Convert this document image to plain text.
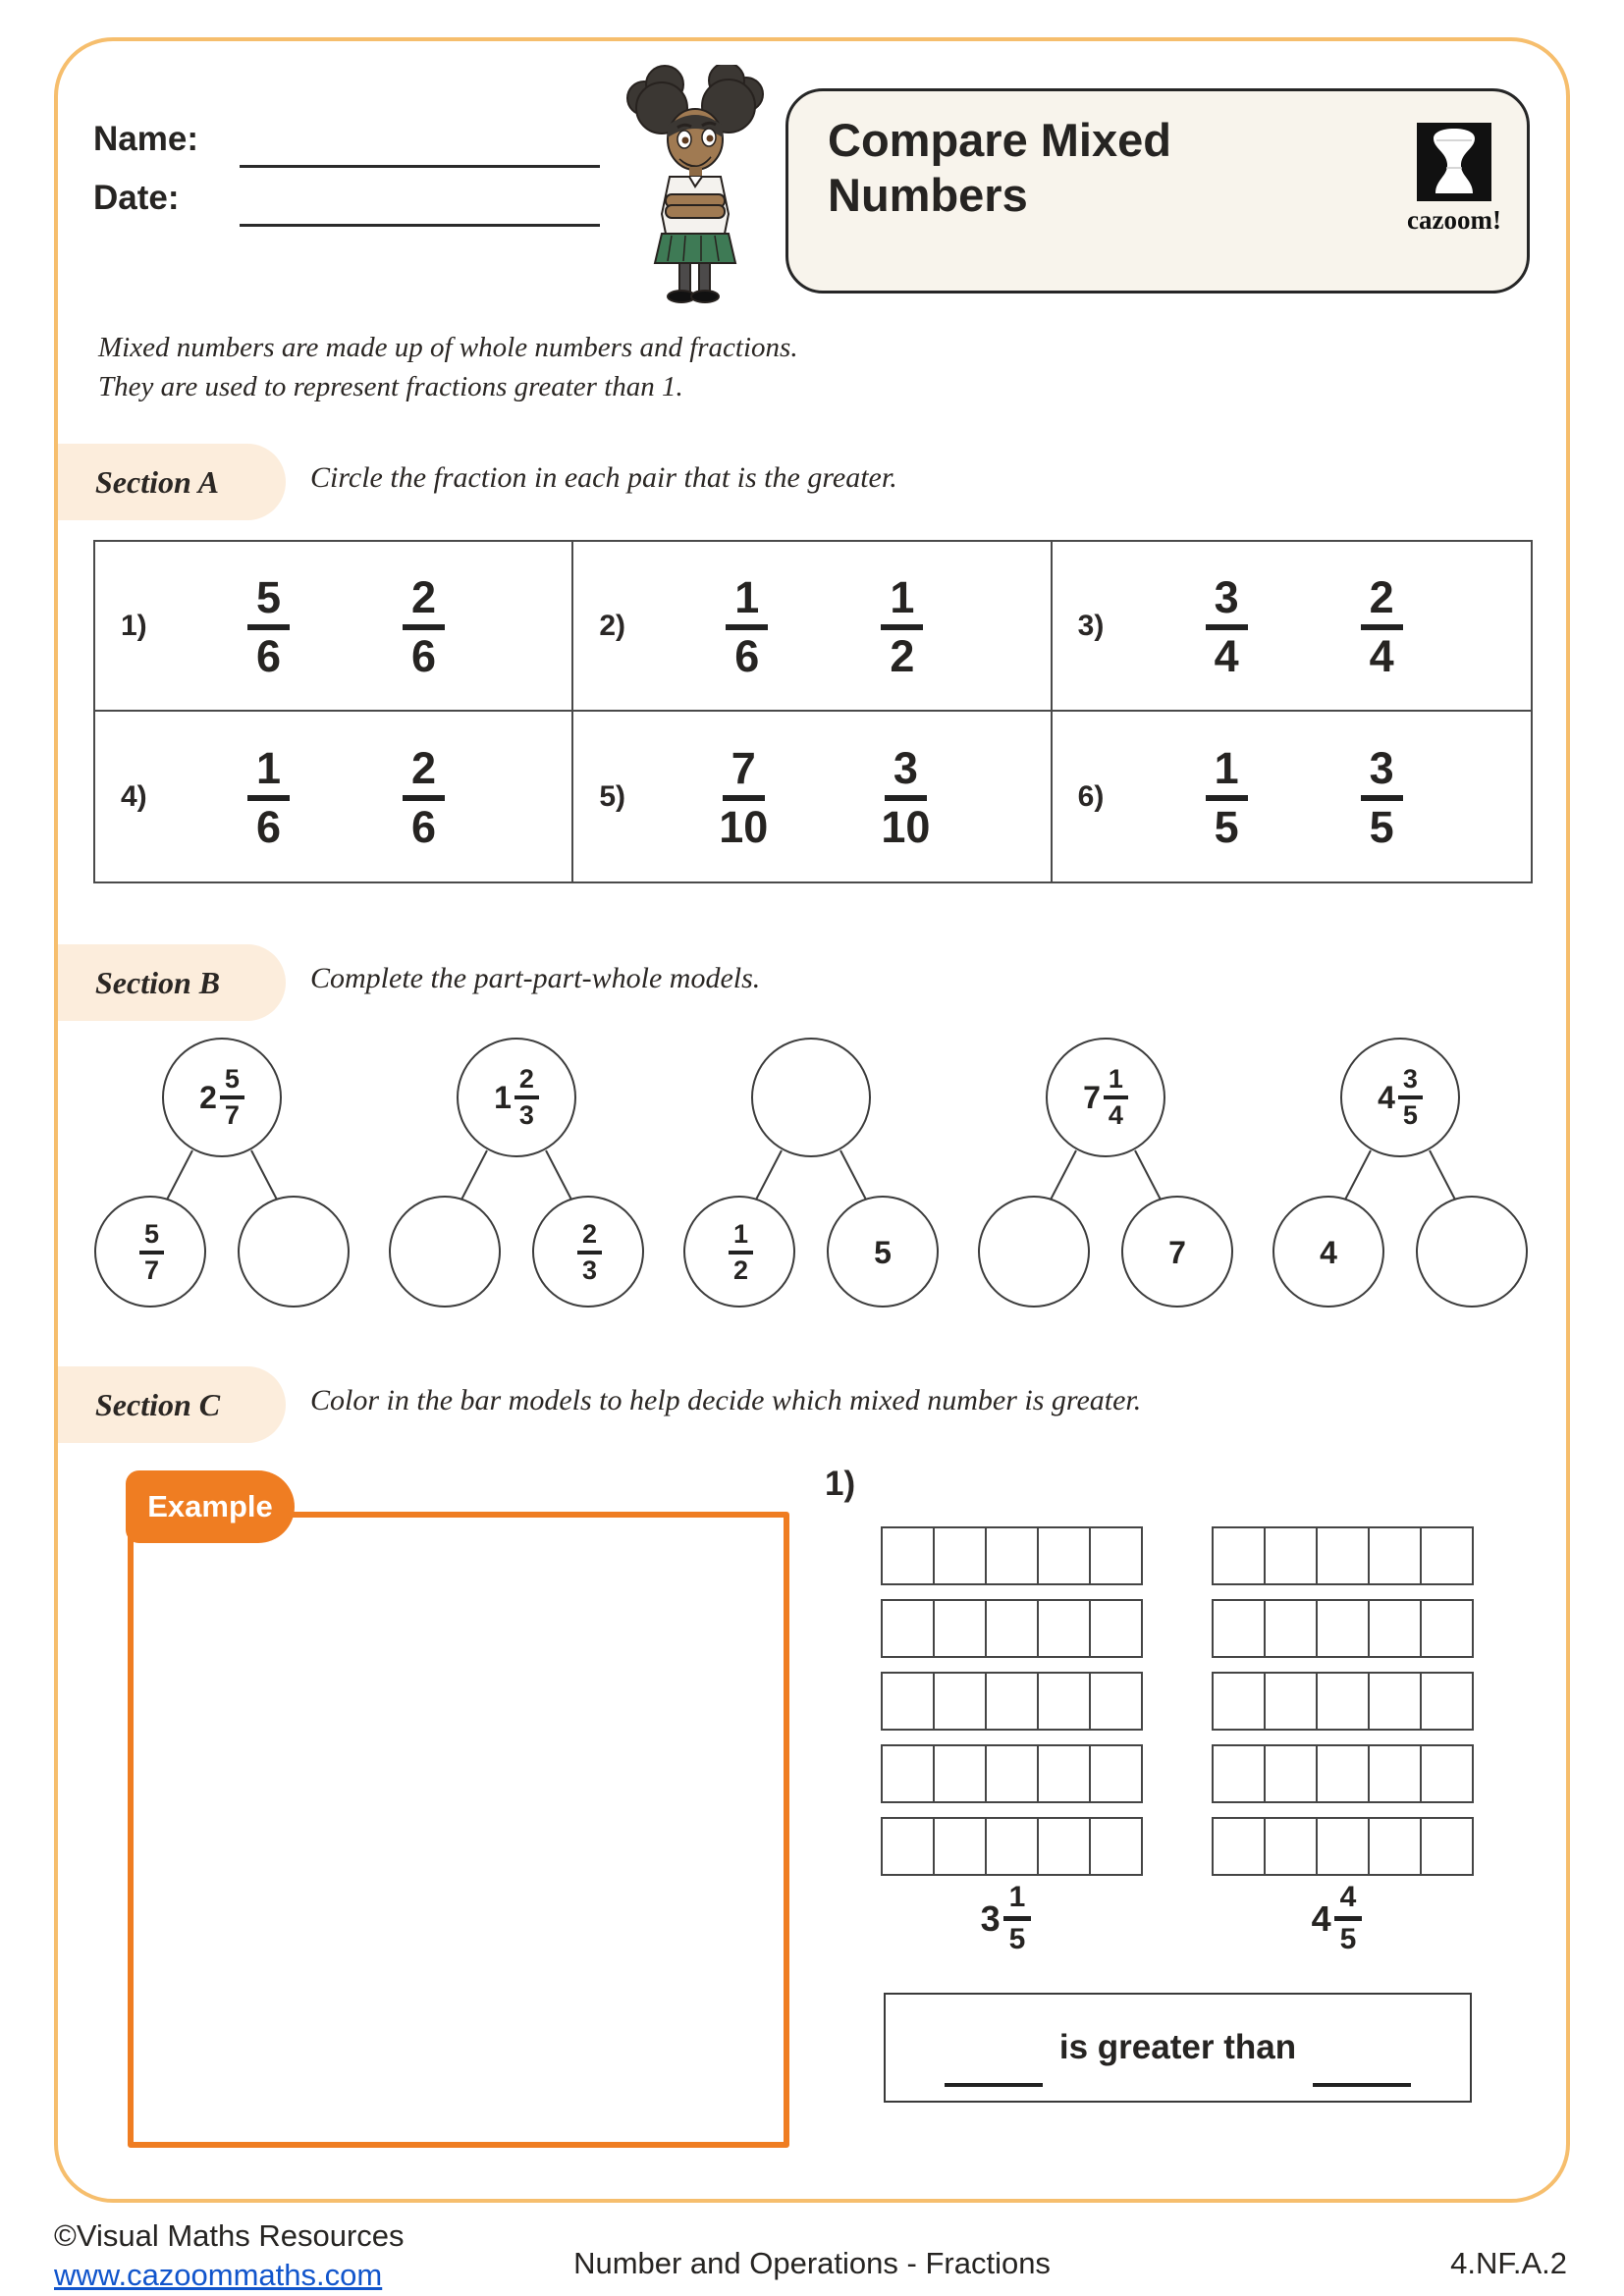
Name:
Date:
Compare Mixed Numbers	cazoom!
Mixed numbers are made up of whole numbers and fractions.
They are used to represent fractions greater than 1.
Section A	Circle the fraction in each pair that is the greater.
$1) \frac{5}{6}$	$\frac{2}{6}$	$2) \frac{1}{6}$	$\frac{1}{2}$	$3) \frac{3}{4}$	$\frac{2}{4}$
$4) \frac{1}{6}$	$\frac{2}{6}$	$5) \frac{7}{10}$	$\frac{3}{10}$	$6) \frac{1}{5}$	$\frac{3}{5}$
Section B	Complete the part-part-whole models.
$2 \frac{5}{7}$
$\frac{5}{7}$
$1 \frac{2}{3}$
$\frac{2}{3}$	$\frac{1}{2}$	5
$7 \frac{1}{4}$
7
$4 \frac{3}{5}$
4
Section C	Color in the bar models to help decide which mixed number is greater.
Example
1)
$3 \frac{1}{5}$	$4 \frac{4}{5}$
is greater than
©Visual Maths Resources
www.cazoommaths.com	Number and Operations - Fractions	4.NF.A.2
